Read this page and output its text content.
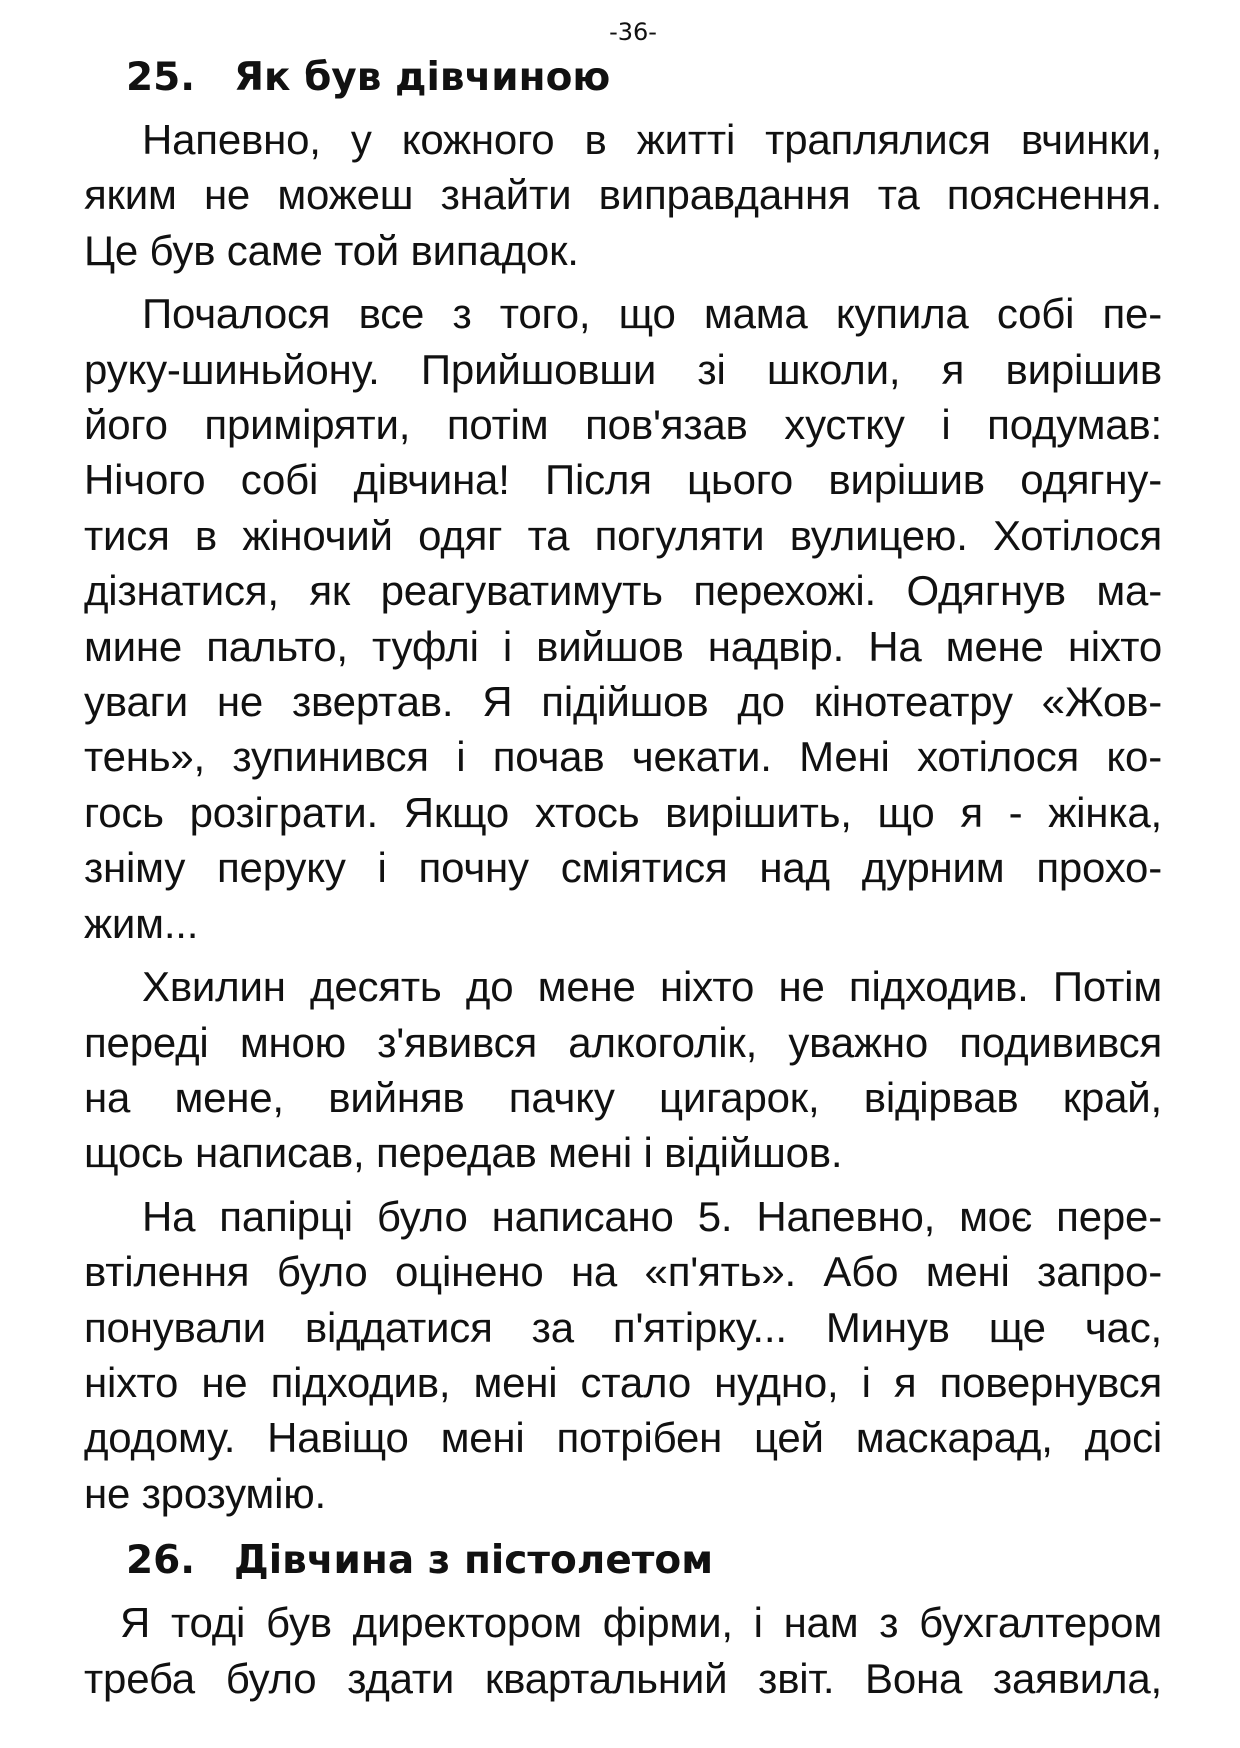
-36-
25. Як був дівчиною

Напевно, у кожного в житті траплялися вчинки,
яким не можеш знайти виправдання та пояснення.
Це був саме той випадок.

Почалося все з того, що мама купила собі пе-
руку-шиньйону. Прийшовши зі школи, я вирішив
його приміряти, потім пов'язав хустку і подумав:
Нічого собі дівчина! Після цього вирішив одягну-
тися в жіночий одяг та погуляти вулицею. Хотілося
дізнатися, як реагуватимуть перехожі. Одягнув ма-
мине пальто, туфлі і вийшов надвір. На мене ніхто
уваги не звертав. Я підійшов до кінотеатру «Жов-
тень», зупинився і почав чекати. Мені хотілося ко-
гось розіграти. Якщо хтось вирішить, що я - жінка,
зніму перуку і почну сміятися над дурним прохо-
жим...

Хвилин десять до мене ніхто не підходив. Потім
переді мною з'явився алкоголік, уважно подивився
на мене, вийняв пачку цигарок, відірвав край,
щось написав, передав мені і відійшов.

На папірці було написано 5. Напевно, моє пере-
втілення було оцінено на «п'ять». Або мені запро-
понували віддатися за п'ятірку... Минув ще час,
ніхто не підходив, мені стало нудно, і я повернувся
додому. Навіщо мені потрібен цей маскарад, досі
не зрозумію.

26. Дівчина з пістолетом

Я тоді був директором фірми, і нам з бухгалтером
треба було здати квартальний звіт. Вона заявила,
